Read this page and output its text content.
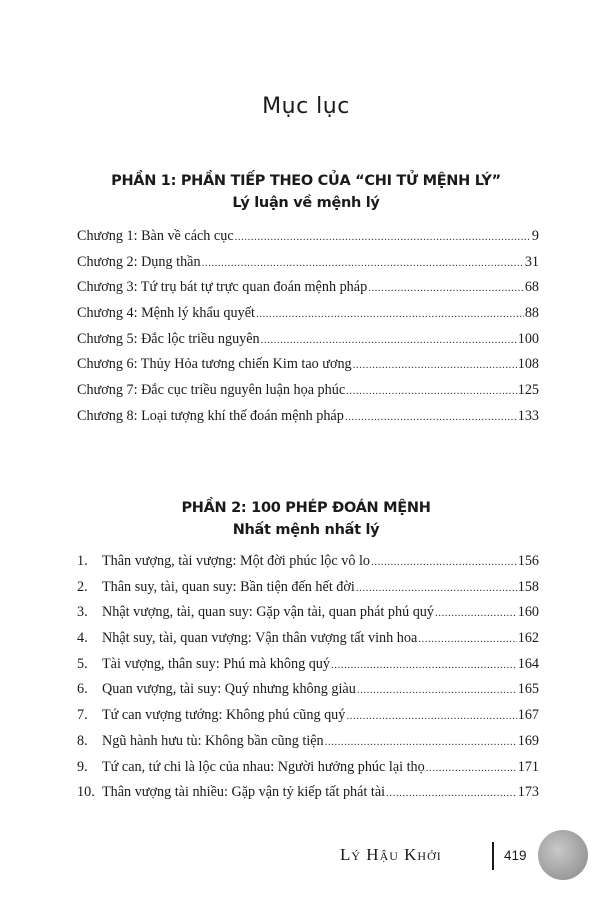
Mục lục
PHẦN 1: PHẦN TIẾP THEO CỦA “CHI TỬ MỆNH LÝ”
Lý luận về mệnh lý
Chương 1: Bàn về cách cục .....	9
Chương 2: Dụng thần .....	31
Chương 3: Tứ trụ bát tự trực quan đoán mệnh pháp .....	68
Chương 4: Mệnh lý khẩu quyết .....	88
Chương 5: Đắc lộc triều nguyên .....	100
Chương 6: Thủy Hỏa tương chiến Kim tao ương .....	108
Chương 7: Đắc cục triều nguyên luận họa phúc .....	125
Chương 8: Loại tượng khí thế đoán mệnh pháp .....	133
PHẦN 2: 100 PHÉP ĐOÁN MỆNH
Nhất mệnh nhất lý
1.	Thân vượng, tài vượng: Một đời phúc lộc vô lo .....	156
2.	Thân suy, tài, quan suy: Bần tiện đến hết đời .....	158
3.	Nhật vượng, tài, quan suy: Gặp vận tài, quan phát phú quý .....	160
4.	Nhật suy, tài, quan vượng: Vận thân vượng tất vinh hoa .....	162
5.	Tài vượng, thân suy: Phú mà không quý .....	164
6.	Quan vượng, tài suy: Quý nhưng không giàu .....	165
7.	Tứ can vượng tướng: Không phú cũng quý .....	167
8.	Ngũ hành hưu tù: Không bần cũng tiện .....	169
9.	Tứ can, tứ chi là lộc của nhau: Người hưởng phúc lại thọ .....	171
10. Thân vượng tài nhiều: Gặp vận tỷ kiếp tất phát tài .....	173
Lý Hậu Khởi	419
